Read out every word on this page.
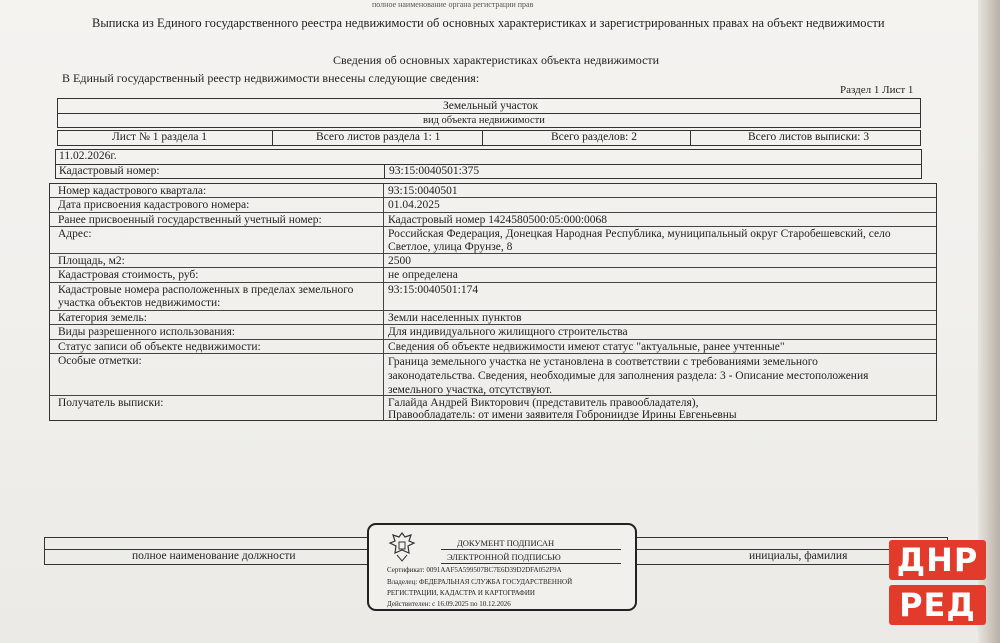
полное наименование органа регистрации прав
Выписка из Единого государственного реестра недвижимости об основных характеристиках и зарегистрированных правах на объект недвижимости
Сведения об основных характеристиках объекта недвижимости
В Единый государственный реестр недвижимости внесены следующие сведения:
Раздел 1 Лист 1
Земельный участок
вид объекта недвижимости
Лист № 1 раздела 1	Всего листов раздела 1: 1	Всего разделов: 2	Всего листов выписки: 3
11.02.2026г.
Кадастровый номер:	93:15:0040501:375
Номер кадастрового квартала:	93:15:0040501
Дата присвоения кадастрового номера:	01.04.2025
Ранее присвоенный государственный учетный номер:	Кадастровый номер 1424580500:05:000:0068
Адрес:	Российская Федерация, Донецкая Народная Республика, муниципальный округ Старобешевский, село Светлое, улица Фрунзе, 8
Площадь, м2:	2500
Кадастровая стоимость, руб:	не определена
Кадастровые номера расположенных в пределах земельного участка объектов недвижимости:
93:15:0040501:174
Категория земель:	Земли населенных пунктов
Виды разрешенного использования:	Для индивидуального жилищного строительства
Статус записи об объекте недвижимости:	Сведения об объекте недвижимости имеют статус "актуальные, ранее учтенные"
Особые отметки:	Граница земельного участка не установлена в соответствии с требованиями земельного законодательства. Сведения, необходимые для заполнения раздела: 3 - Описание местоположения земельного участка, отсутствуют.
Получатель выписки:	Галайда Андрей Викторович (представитель правообладателя), Правообладатель: от имени заявителя Гоброниидзе Ирины Евгеньевны
полное наименование должности	инициалы, фамилия
ДОКУМЕНТ ПОДПИСАН
ЭЛЕКТРОННОЙ ПОДПИСЬЮ
Сертификат: 0091AAF5A599507BC7E6D39D2DFA052F9A
Владелец: ФЕДЕРАЛЬНАЯ СЛУЖБА ГОСУДАРСТВЕННОЙ
РЕГИСТРАЦИИ, КАДАСТРА И КАРТОГРАФИИ
Действителен: с 16.09.2025 по 10.12.2026
ДНР
РЕД
